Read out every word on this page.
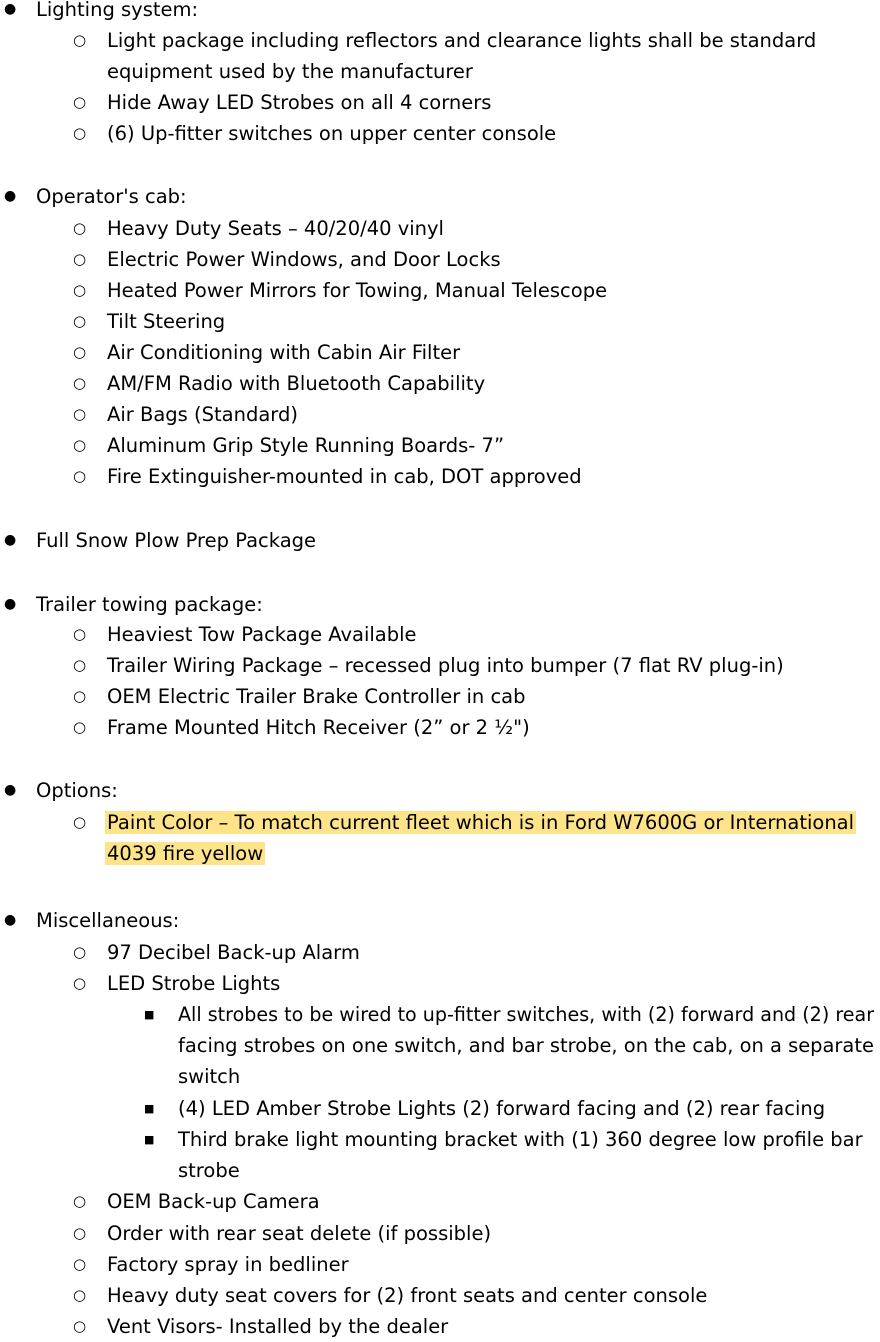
● Lighting system:
○ Light package including reflectors and clearance lights shall be standard
equipment used by the manufacturer
○ Hide Away LED Strobes on all 4 corners
○ (6) Up-fitter switches on upper center console
● Operator's cab:
○ Heavy Duty Seats – 40/20/40 vinyl
○ Electric Power Windows, and Door Locks
○ Heated Power Mirrors for Towing, Manual Telescope
○ Tilt Steering
○ Air Conditioning with Cabin Air Filter
○ AM/FM Radio with Bluetooth Capability
○ Air Bags (Standard)
○ Aluminum Grip Style Running Boards- 7”
○ Fire Extinguisher-mounted in cab, DOT approved
● Full Snow Plow Prep Package
● Trailer towing package:
○ Heaviest Tow Package Available
○ Trailer Wiring Package – recessed plug into bumper (7 flat RV plug-in)
○ OEM Electric Trailer Brake Controller in cab
○ Frame Mounted Hitch Receiver (2” or 2 ½")
● Options:
○ Paint Color – To match current fleet which is in Ford W7600G or International
4039 fire yellow
● Miscellaneous:
○ 97 Decibel Back-up Alarm
○ LED Strobe Lights
■ All strobes to be wired to up-fitter switches, with (2) forward and (2) rear
facing strobes on one switch, and bar strobe, on the cab, on a separate
switch
■ (4) LED Amber Strobe Lights (2) forward facing and (2) rear facing
■ Third brake light mounting bracket with (1) 360 degree low profile bar
strobe
○ OEM Back-up Camera
○ Order with rear seat delete (if possible)
○ Factory spray in bedliner
○ Heavy duty seat covers for (2) front seats and center console
○ Vent Visors- Installed by the dealer
